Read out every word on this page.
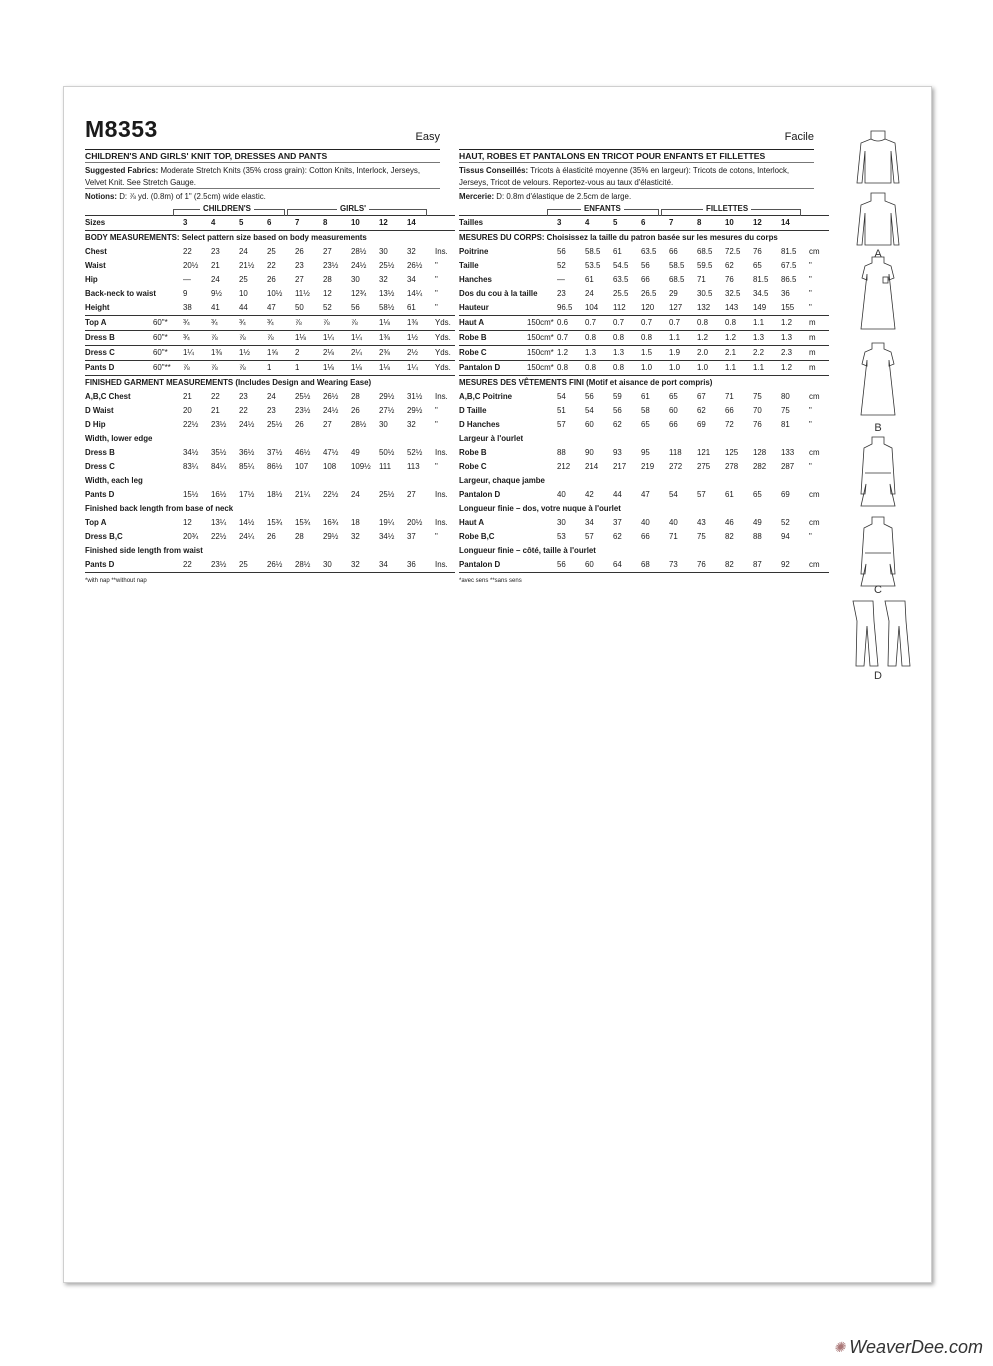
M8353	Easy
CHILDREN'S AND GIRLS' KNIT TOP, DRESSES AND PANTS
Suggested Fabrics: Moderate Stretch Knits (35% cross grain): Cotton Knits, Interlock, Jerseys, Velvet Knit. See Stretch Gauge.
Notions: D: ⅞ yd. (0.8m) of 1" (2.5cm) wide elastic.
CHILDREN'S	GIRLS'
Sizes		3	4	5	6	7	8	10	12	14	
BODY MEASUREMENTS: Select pattern size based on body measurements											
Chest		22	23	24	25	26	27	28½	30	32	Ins.
Waist		20½	21	21½	22	23	23½	24½	25½	26½	"
Hip		—	24	25	26	27	28	30	32	34	"
Back-neck to waist		9	9½	10	10½	11½	12	12¾	13½	14¼	"
Height		38	41	44	47	50	52	56	58½	61	"
Top A	60"*	¾	¾	¾	¾	⅞	⅞	⅞	1⅛	1⅜	Yds.
Dress B	60"*	¾	⅞	⅞	⅞	1⅛	1¼	1¼	1⅜	1½	Yds.
Dress C	60"*	1¼	1⅜	1½	1⅝	2	2⅛	2¼	2⅜	2½	Yds.
Pants D	60"**	⅞	⅞	⅞	1	1	1⅛	1⅛	1⅛	1¼	Yds.
FINISHED GARMENT MEASUREMENTS (Includes Design and Wearing Ease)											
A,B,C Chest		21	22	23	24	25½	26½	28	29½	31½	Ins.
D Waist		20	21	22	23	23½	24½	26	27½	29½	"
D Hip		22½	23½	24½	25½	26	27	28½	30	32	"
Width, lower edge											
Dress B		34½	35½	36½	37½	46½	47½	49	50½	52½	Ins.
Dress C		83¼	84¼	85¼	86½	107	108	109½	111	113	"
Width, each leg											
Pants D		15½	16½	17½	18½	21¼	22½	24	25½	27	Ins.
Finished back length from base of neck											
Top A		12	13¼	14½	15¾	15¾	16¾	18	19¼	20½	Ins.
Dress B,C		20¾	22½	24¼	26	28	29½	32	34½	37	"
Finished side length from waist											
Pants D		22	23½	25	26½	28½	30	32	34	36	Ins.

*with nap **without nap
Facile
HAUT, ROBES ET PANTALONS EN TRICOT POUR ENFANTS ET FILLETTES
Tissus Conseillés: Tricots à élasticité moyenne (35% en largeur): Tricots de cotons, Interlock, Jerseys, Tricot de velours. Reportez-vous au taux d'élasticité.
Mercerie: D: 0.8m d'élastique de 2.5cm de large.
ENFANTS	FILLETTES
Tailles		3	4	5	6	7	8	10	12	14	
MESURES DU CORPS: Choisissez la taille du patron basée sur les mesures du corps											
Poitrine		56	58.5	61	63.5	66	68.5	72.5	76	81.5	cm
Taille		52	53.5	54.5	56	58.5	59.5	62	65	67.5	"
Hanches		—	61	63.5	66	68.5	71	76	81.5	86.5	"
Dos du cou à la taille		23	24	25.5	26.5	29	30.5	32.5	34.5	36	"
Hauteur		96.5	104	112	120	127	132	143	149	155	"
Haut A	150cm*	0.6	0.7	0.7	0.7	0.7	0.8	0.8	1.1	1.2	m
Robe B	150cm*	0.7	0.8	0.8	0.8	1.1	1.2	1.2	1.3	1.3	m
Robe C	150cm*	1.2	1.3	1.3	1.5	1.9	2.0	2.1	2.2	2.3	m
Pantalon D	150cm*	0.8	0.8	0.8	1.0	1.0	1.0	1.1	1.1	1.2	m
MESURES DES VÊTEMENTS FINI (Motif et aisance de port compris)											
A,B,C Poitrine		54	56	59	61	65	67	71	75	80	cm
D Taille		51	54	56	58	60	62	66	70	75	"
D Hanches		57	60	62	65	66	69	72	76	81	"
Largeur à l'ourlet											
Robe B		88	90	93	95	118	121	125	128	133	cm
Robe C		212	214	217	219	272	275	278	282	287	"
Largeur, chaque jambe											
Pantalon D		40	42	44	47	54	57	61	65	69	cm
Longueur finie – dos, votre nuque à l'ourlet											
Haut A		30	34	37	40	40	43	46	49	52	cm
Robe B,C		53	57	62	66	71	75	82	88	94	"
Longueur finie – côté, taille à l'ourlet											
Pantalon D		56	60	64	68	73	76	82	87	92	cm

*avec sens **sans sens
A
B
C
D
✺ WeaverDee.com
